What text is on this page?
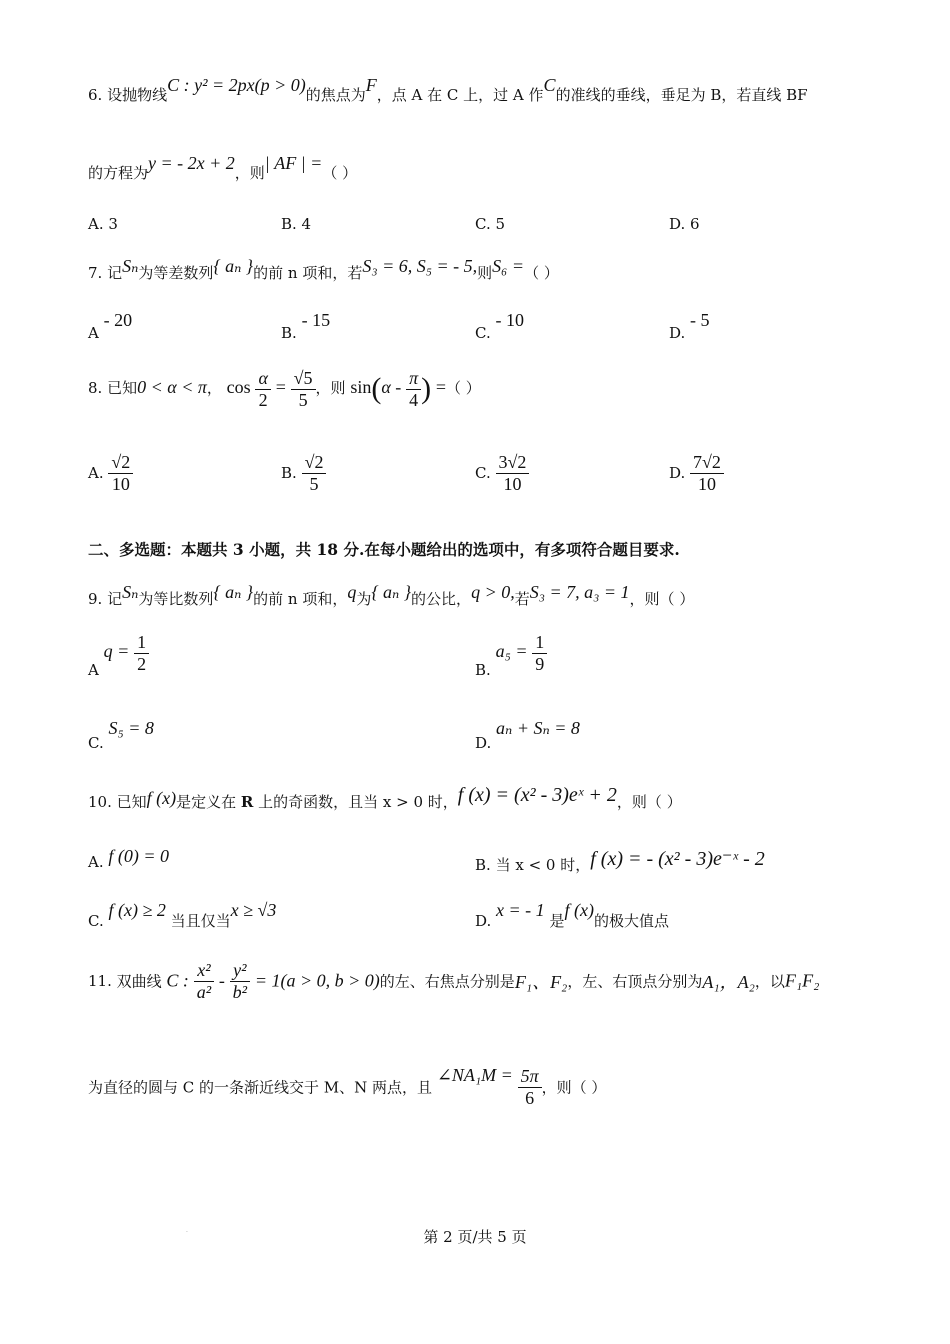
6. 设抛物线C : y² = 2px(p > 0)的焦点为F，点 A 在 C 上，过 A 作C的准线的垂线，垂足为 B，若直线 BF
的方程为y = - 2x + 2，则| AF | =（ ）
A. 3	B. 4	C. 5	D. 6
7. 记Sₙ为等差数列{ aₙ }的前 n 项和，若S₃ = 6, S₅ = - 5,则S₆ =（ ）
A - 20
B. - 15
C. - 10
D. - 5
8. 已知0 < α < π， $\cos \frac{\alpha}{2} = \frac{√5}{5}$ ，则 $\sin(\alpha - \frac{\pi}{4}$ ) =（ ）
A. $\frac{√2}{10}$	B. $\frac{√2}{5}$	C. $\frac{3√2}{10}$	D. $\frac{7√2}{10}$
二、多选题：本题共 3 小题，共 18 分.在每小题给出的选项中，有多项符合题目要求.
9. 记Sₙ为等比数列{ aₙ }的前 n 项和，q为{ aₙ }的公比，q > 0,若S₃ = 7, a₃ = 1，则（ ）
A $q = \frac{1}{2}$	B. $a_5 = \frac{1}{9}$
C. S₅ = 8
D. aₙ + Sₙ = 8
10. 已知f (x)是定义在 R 上的奇函数，且当 x > 0 时，f (x) = (x² - 3)eˣ + 2，则（ ）
A. f (0) = 0	B. 当 x < 0 时，f (x) = - (x² - 3)e⁻ˣ - 2
C. f (x) ≥ 2 当且仅当x ≥ √3
D. x = - 1 是f (x)的极大值点
11. 双曲线 C : $\frac{\text{x²}}{\text{a²}} - \frac{\text{y²}}{\text{b²}} = 1(a > 0$, b > 0)的左、右焦点分别是F₁、F₂，左、右顶点分别为A₁，A₂，以F₁F₂
为直径的圆与 C 的一条渐近线交于 M、N 两点，且 ∠NA₁M = $\frac{5\pi}{6}$ ，则（ ）
.	第 2 页/共 5 页
